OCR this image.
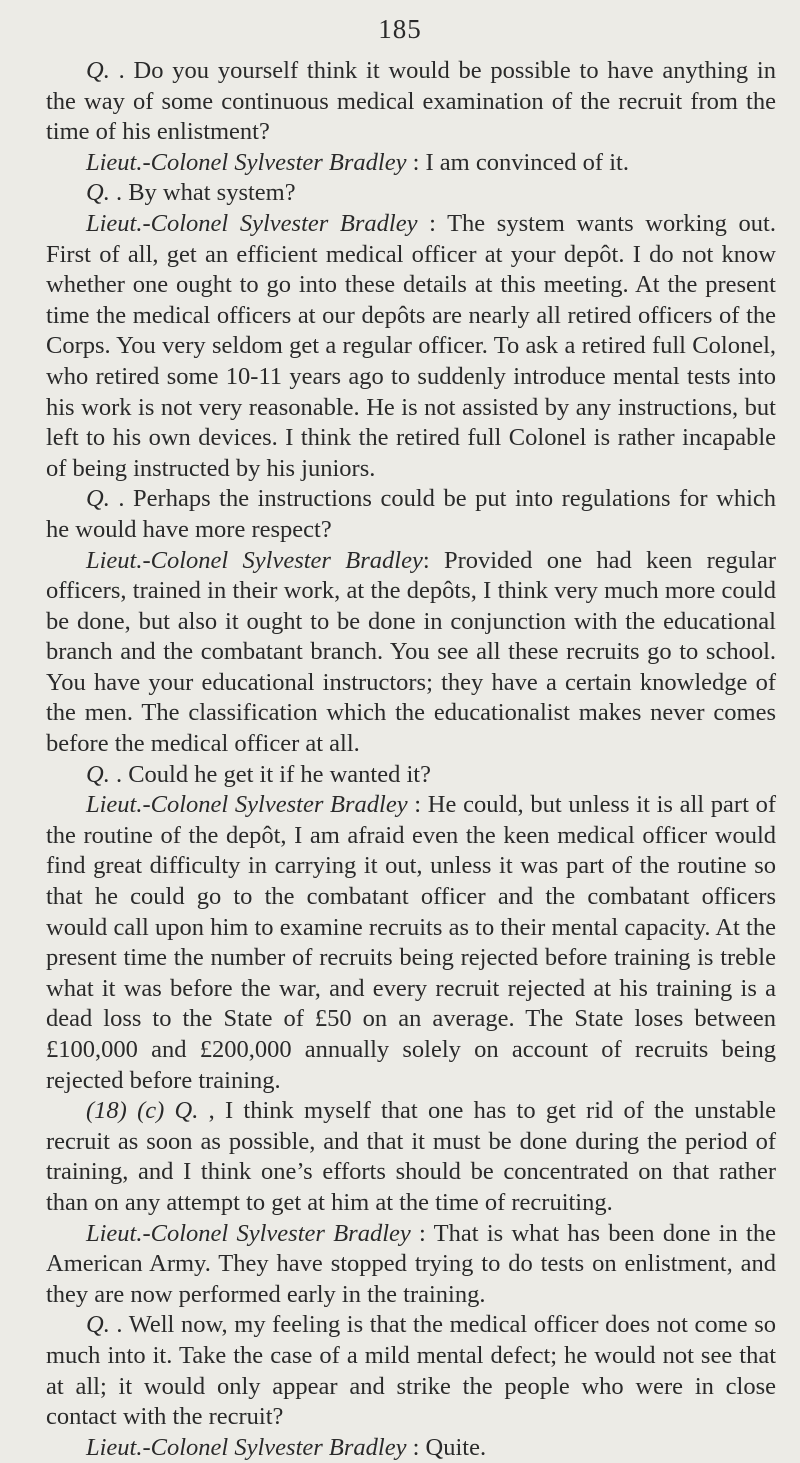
185

Q. . Do you yourself think it would be possible to have anything in the way of some continuous medical examination of the recruit from the time of his enlistment?

Lieut.-Colonel Sylvester Bradley : I am convinced of it.

Q. . By what system?

Lieut.-Colonel Sylvester Bradley : The system wants working out. First of all, get an efficient medical officer at your depôt. I do not know whether one ought to go into these details at this meeting. At the present time the medical officers at our depôts are nearly all retired officers of the Corps. You very seldom get a regular officer. To ask a retired full Colonel, who retired some 10-11 years ago to suddenly introduce mental tests into his work is not very reasonable. He is not assisted by any instructions, but left to his own devices. I think the retired full Colonel is rather incapable of being instructed by his juniors.

Q. . Perhaps the instructions could be put into regulations for which he would have more respect?

Lieut.-Colonel Sylvester Bradley: Provided one had keen regular officers, trained in their work, at the depôts, I think very much more could be done, but also it ought to be done in conjunction with the educational branch and the combatant branch. You see all these recruits go to school. You have your educational instructors; they have a certain knowledge of the men. The classification which the educationalist makes never comes before the medical officer at all.

Q. . Could he get it if he wanted it?

Lieut.-Colonel Sylvester Bradley : He could, but unless it is all part of the routine of the depôt, I am afraid even the keen medical officer would find great difficulty in carrying it out, unless it was part of the routine so that he could go to the combatant officer and the combatant officers would call upon him to examine recruits as to their mental capacity. At the present time the number of recruits being rejected before training is treble what it was before the war, and every recruit rejected at his training is a dead loss to the State of £50 on an average. The State loses between £100,000 and £200,000 annually solely on account of recruits being rejected before training.

(18) (c) Q. , I think myself that one has to get rid of the unstable recruit as soon as possible, and that it must be done during the period of training, and I think one’s efforts should be concentrated on that rather than on any attempt to get at him at the time of recruiting.

Lieut.-Colonel Sylvester Bradley : That is what has been done in the American Army. They have stopped trying to do tests on enlistment, and they are now performed early in the training.

Q. . Well now, my feeling is that the medical officer does not come so much into it. Take the case of a mild mental defect; he would not see that at all; it would only appear and strike the people who were in close contact with the recruit?

Lieut.-Colonel Sylvester Bradley : Quite.
